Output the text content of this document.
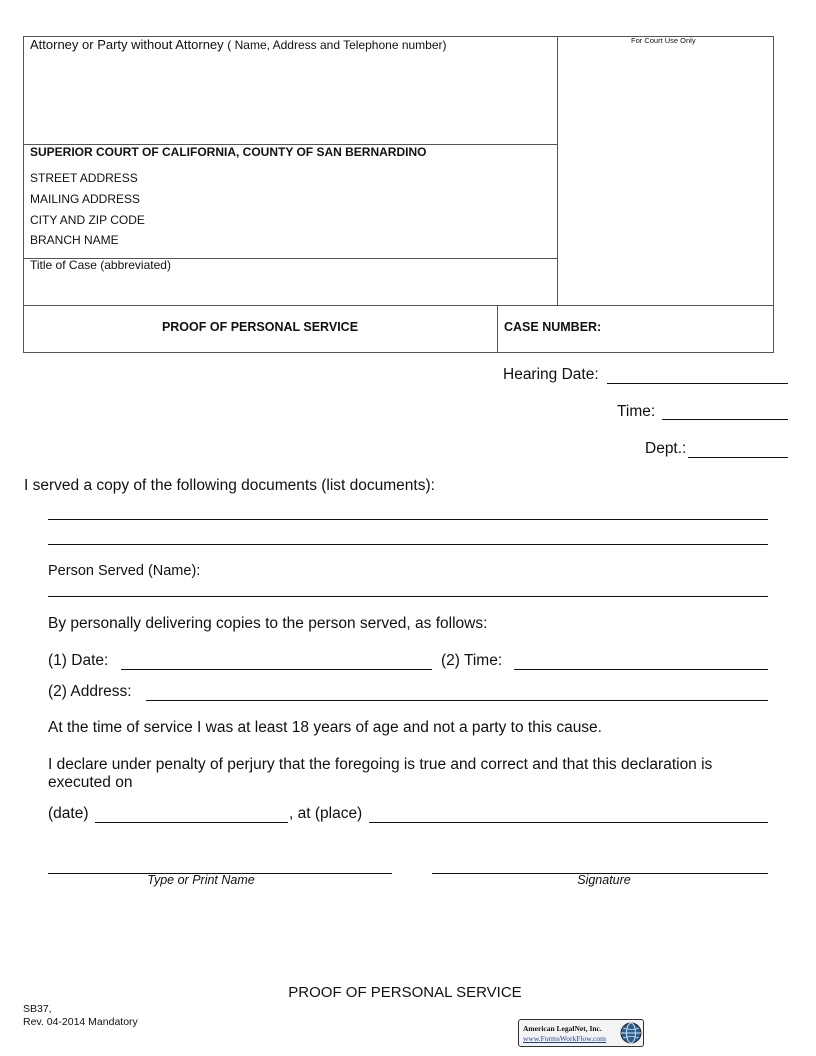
Attorney or Party without Attorney ( Name, Address and Telephone number)	For Court Use Only
SUPERIOR COURT OF CALIFORNIA, COUNTY OF SAN BERNARDINO
STREET ADDRESS
MAILING ADDRESS
CITY AND ZIP CODE
BRANCH NAME
Title of Case (abbreviated)
PROOF OF PERSONAL SERVICE	CASE NUMBER:
Hearing Date:
Time:
Dept.:
I served a copy of the following documents (list documents):
Person Served (Name):
By personally delivering copies to the person served, as follows:
(1) Date:	(2) Time:
(2) Address:
At the time of service I was at least 18 years of age and not a party to this cause.
I declare under penalty of perjury that the foregoing is true and correct and that this declaration is executed on
(date)	, at (place)
Type or Print Name	Signature
PROOF OF PERSONAL SERVICE
SB37,
Rev. 04-2014 Mandatory
American LegalNet, Inc.
www.FormsWorkFlow.com
